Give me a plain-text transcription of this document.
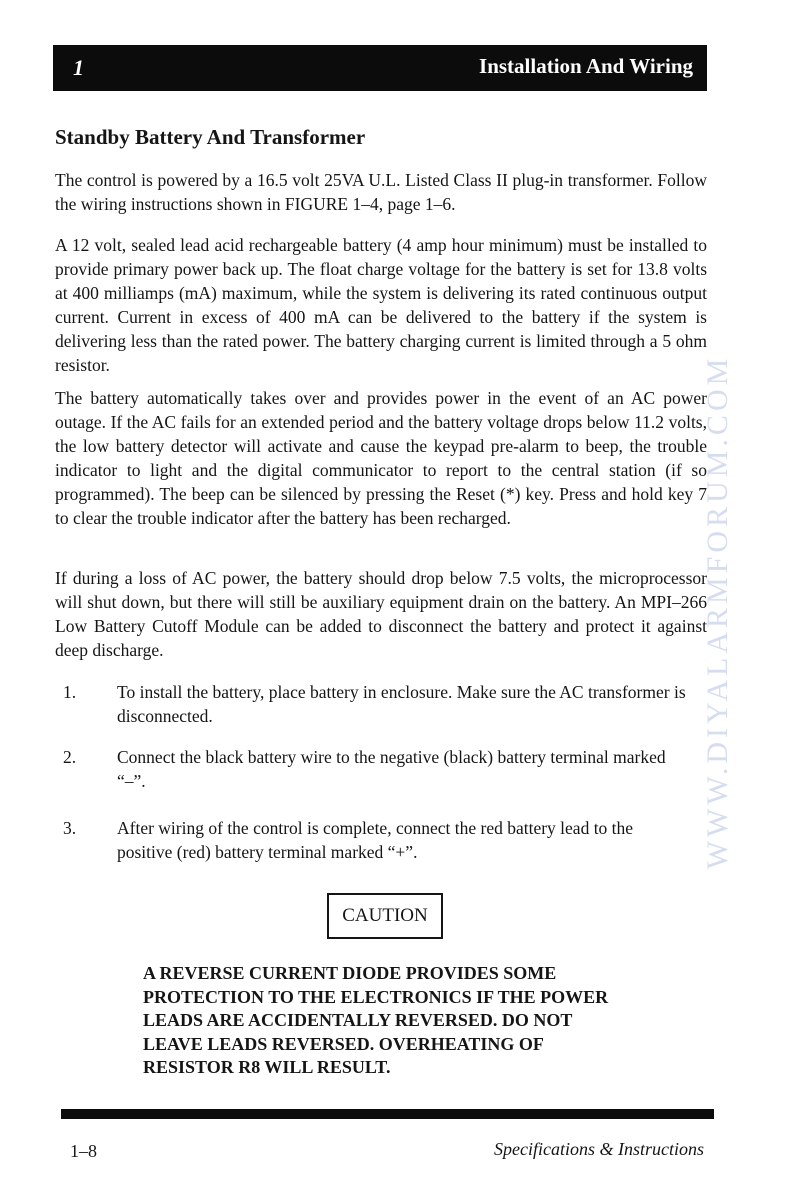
1	Installation And Wiring
Standby Battery And Transformer

The control is powered by a 16.5 volt 25VA U.L. Listed Class II plug-in transformer. Follow the wiring instructions shown in FIGURE 1–4, page 1–6.

A 12 volt, sealed lead acid rechargeable battery (4 amp hour minimum) must be installed to provide primary power back up. The float charge voltage for the battery is set for 13.8 volts at 400 milliamps (mA) maximum, while the system is delivering its rated continuous output current. Current in excess of 400 mA can be delivered to the battery if the system is delivering less than the rated power. The battery charging current is limited through a 5 ohm resistor.

The battery automatically takes over and provides power in the event of an AC power outage. If the AC fails for an extended period and the battery voltage drops below 11.2 volts, the low battery detector will activate and cause the keypad pre-alarm to beep, the trouble indicator to light and the digital communicator to report to the central station (if so programmed). The beep can be silenced by pressing the Reset (*) key. Press and hold key 7 to clear the trouble indicator after the battery has been recharged.

If during a loss of AC power, the battery should drop below 7.5 volts, the microprocessor will shut down, but there will still be auxiliary equipment drain on the battery. An MPI–266 Low Battery Cutoff Module can be added to disconnect the battery and protect it against deep discharge.

1. To install the battery, place battery in enclosure. Make sure the AC transformer is disconnected.
2. Connect the black battery wire to the negative (black) battery terminal marked “–”.
3. After wiring of the control is complete, connect the red battery lead to the positive (red) battery terminal marked “+”.
CAUTION

A REVERSE CURRENT DIODE PROVIDES SOME PROTECTION TO THE ELECTRONICS IF THE POWER LEADS ARE ACCIDENTALLY REVERSED. DO NOT LEAVE LEADS REVERSED. OVERHEATING OF RESISTOR R8 WILL RESULT.

1–8	Specifications & Instructions
WWW.DIYALARMFORUM.COM
